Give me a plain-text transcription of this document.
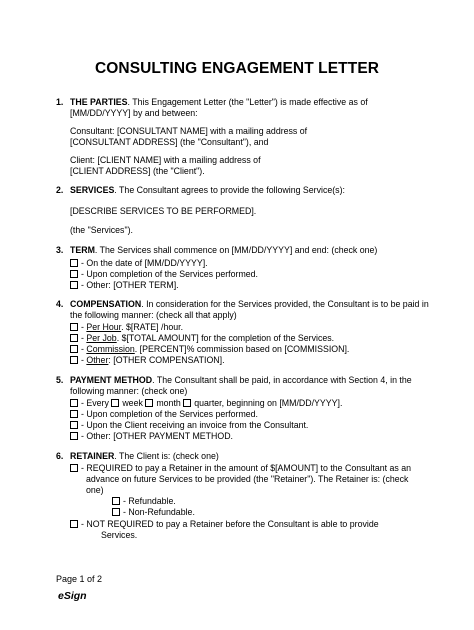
CONSULTING ENGAGEMENT LETTER
1. THE PARTIES. This Engagement Letter (the "Letter") is made effective as of
[MM/DD/YYYY] by and between:
Consultant: [CONSULTANT NAME] with a mailing address of
[CONSULTANT ADDRESS] (the "Consultant"), and
Client: [CLIENT NAME] with a mailing address of
[CLIENT ADDRESS] (the "Client").
2. SERVICES. The Consultant agrees to provide the following Service(s):
[DESCRIBE SERVICES TO BE PERFORMED].
(the "Services").
3. TERM. The Services shall commence on [MM/DD/YYYY] and end: (check one)
- On the date of [MM/DD/YYYY].
- Upon completion of the Services performed.
- Other: [OTHER TERM].
4. COMPENSATION. In consideration for the Services provided, the Consultant is to be paid in
the following manner: (check all that apply)
- Per Hour. $[RATE] /hour.
- Per Job. $[TOTAL AMOUNT] for the completion of the Services.
- Commission. [PERCENT]% commission based on [COMMISSION].
- Other: [OTHER COMPENSATION].
5. PAYMENT METHOD. The Consultant shall be paid, in accordance with Section 4, in the
following manner: (check one)
- Every week month quarter, beginning on [MM/DD/YYYY].
- Upon completion of the Services performed.
- Upon the Client receiving an invoice from the Consultant.
- Other: [OTHER PAYMENT METHOD.
6. RETAINER. The Client is: (check one)
- REQUIRED to pay a Retainer in the amount of $[AMOUNT] to the Consultant as an
advance on future Services to be provided (the "Retainer"). The Retainer is: (check
one)
- Refundable.
- Non-Refundable.
- NOT REQUIRED to pay a Retainer before the Consultant is able to provide
Services.
Page 1 of 2
eSign
